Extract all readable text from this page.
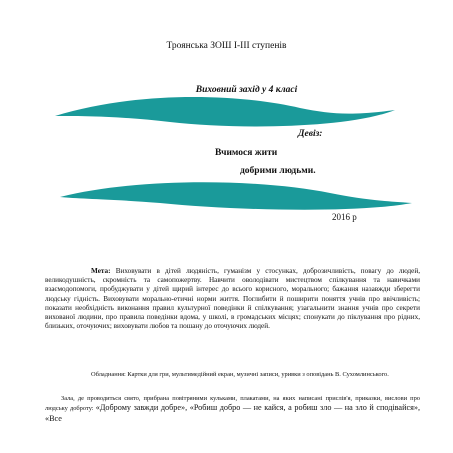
Троянська ЗОШ І-ІІІ ступенів
Виховний захід у 4 класі
Девіз:
Вчимося жити
добрими людьми.
2016 р
Мета: Виховувати в дітей людяність, гуманізм у стосунках, доброзичливість, повагу до людей, великодушність, скромність та самопожертву. Навчити оволодівати мистецтвом спілкування та навичками взаємодопомоги, пробуджувати у дітей щирий інтерес до всього корисного, морального; бажання назавжди зберегти людську гідність. Виховувати морально-етичні норми життя. Поглибити й поширити поняття учнів про ввічливість; показати необхідність виконання правил культурної поведінки й спілкування; узагальнити знання учнів про секрети вихованої людини, про правила поведінки вдома, у школі, в громадських місцях; спонукати до піклування про рідних, близьких, оточуючих; виховувати любов та пошану до оточуючих людей.
Обладнання: Картки для гри, мультимедійний екран, музичні записи, уривки з оповідань В. Сухомлинського.
Зала, де проводиться свято, прибрана повітряними кульками, плакатами, на яких написані прислів'я, приказки, вислови про людську доброту: «Доброму завжди добре», «Робиш добро — не кайся, а робиш зло — на зло й сподівайся», «Все
